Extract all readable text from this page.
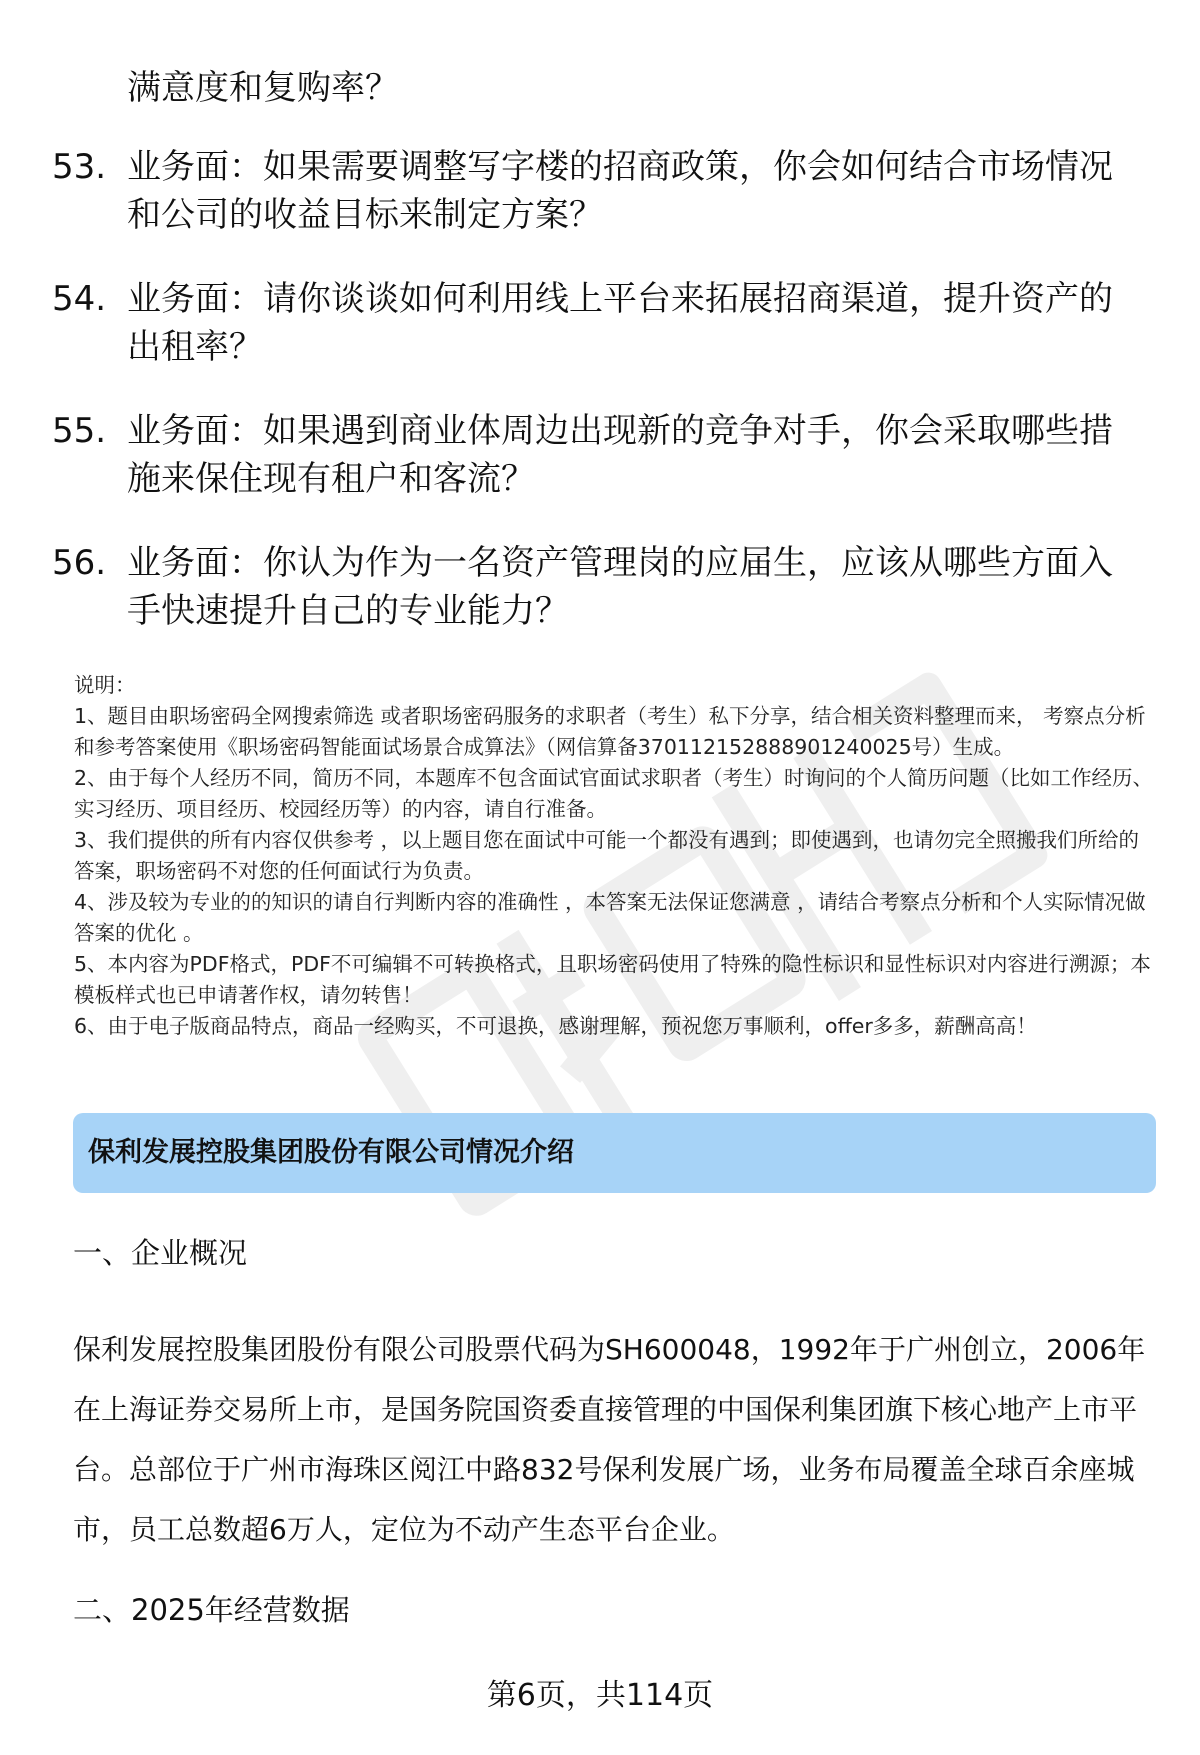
满意度和复购率？

53. 业务面：如果需要调整写字楼的招商政策，你会如何结合市场情况和公司的收益目标来制定方案？
54. 业务面：请你谈谈如何利用线上平台来拓展招商渠道，提升资产的出租率？
55. 业务面：如果遇到商业体周边出现新的竞争对手，你会采取哪些措施来保住现有租户和客流？
56. 业务面：你认为作为一名资产管理岗的应届生，应该从哪些方面入手快速提升自己的专业能力？

说明：

1、题目由职场密码全网搜索筛选 或者职场密码服务的求职者（考生）私下分享，结合相关资料整理而来， 考察点分析和参考答案使用《职场密码智能面试场景合成算法》（网信算备370112152888901240025号）生成。

2、由于每个人经历不同，简历不同，本题库不包含面试官面试求职者（考生）时询问的个人简历问题（比如工作经历、实习经历、项目经历、校园经历等）的内容，请自行准备。

3、我们提供的所有内容仅供参考 ，以上题目您在面试中可能一个都没有遇到；即使遇到，也请勿完全照搬我们所给的答案，职场密码不对您的任何面试行为负责。

4、涉及较为专业的的知识的请自行判断内容的准确性 ，本答案无法保证您满意 ，请结合考察点分析和个人实际情况做答案的优化 。

5、本内容为PDF格式，PDF不可编辑不可转换格式，且职场密码使用了特殊的隐性标识和显性标识对内容进行溯源；本模板样式也已申请著作权，请勿转售！

6、由于电子版商品特点，商品一经购买，不可退换，感谢理解，预祝您万事顺利，offer多多，薪酬高高！

保利发展控股集团股份有限公司情况介绍
一、企业概况

保利发展控股集团股份有限公司股票代码为SH600048，1992年于广州创立，2006年在上海证券交易所上市，是国务院国资委直接管理的中国保利集团旗下核心地产上市平台。总部位于广州市海珠区阅江中路832号保利发展广场，业务布局覆盖全球百余座城市，员工总数超6万人，定位为不动产生态平台企业。

二、2025年经营数据
第6页，共114页
